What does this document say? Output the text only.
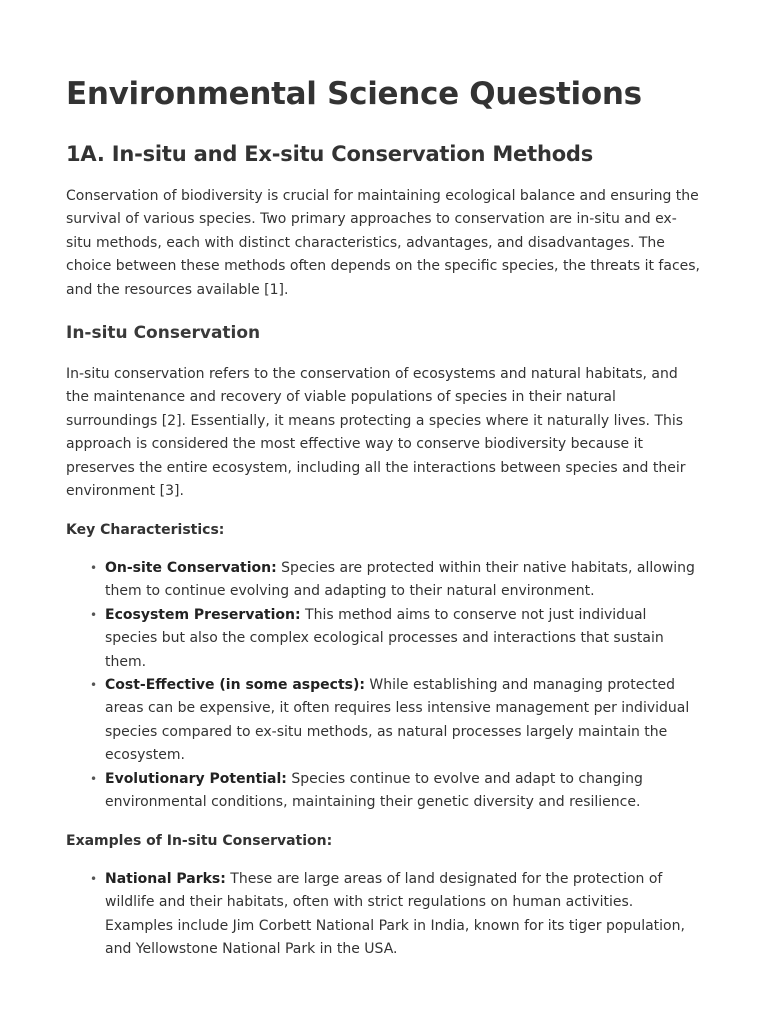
Environmental Science Questions
1A. In-situ and Ex-situ Conservation Methods

Conservation of biodiversity is crucial for maintaining ecological balance and ensuring the survival of various species. Two primary approaches to conservation are in-situ and ex-situ methods, each with distinct characteristics, advantages, and disadvantages. The choice between these methods often depends on the specific species, the threats it faces, and the resources available [1].

In-situ Conservation

In-situ conservation refers to the conservation of ecosystems and natural habitats, and the maintenance and recovery of viable populations of species in their natural surroundings [2]. Essentially, it means protecting a species where it naturally lives. This approach is considered the most effective way to conserve biodiversity because it preserves the entire ecosystem, including all the interactions between species and their environment [3].

Key Characteristics:
• On-site Conservation: Species are protected within their native habitats, allowing them to continue evolving and adapting to their natural environment.
• Ecosystem Preservation: This method aims to conserve not just individual species but also the complex ecological processes and interactions that sustain them.
• Cost-Effective (in some aspects): While establishing and managing protected areas can be expensive, it often requires less intensive management per individual species compared to ex-situ methods, as natural processes largely maintain the ecosystem.
• Evolutionary Potential: Species continue to evolve and adapt to changing environmental conditions, maintaining their genetic diversity and resilience.
Examples of In-situ Conservation:
• National Parks: These are large areas of land designated for the protection of wildlife and their habitats, often with strict regulations on human activities. Examples include Jim Corbett National Park in India, known for its tiger population, and Yellowstone National Park in the USA.
